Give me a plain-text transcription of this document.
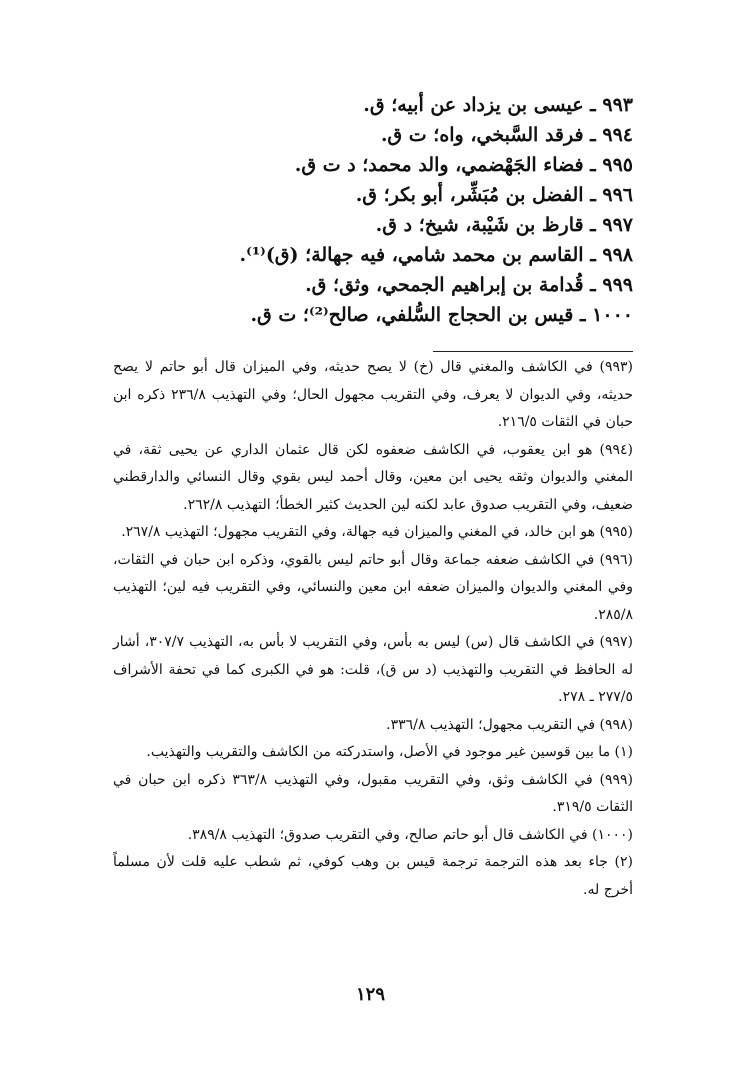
٩٩٣ ـ عيسى بن يزداد عن أبيه؛ ق.
٩٩٤ ـ فرقد السَّبخي، واه؛ ت ق.
٩٩٥ ـ فضاء الجَهْضمي، والد محمد؛ د ت ق.
٩٩٦ ـ الفضل بن مُبَشِّر، أبو بكر؛ ق.
٩٩٧ ـ قارظ بن شَيْبة، شيخ؛ د ق.
٩٩٨ ـ القاسم بن محمد شامي، فيه جهالة؛ (ق)⁽¹⁾.
٩٩٩ ـ قُدامة بن إبراهيم الجمحي، وثق؛ ق.
١٠٠٠ ـ قيس بن الحجاج السُّلفي، صالح⁽²⁾؛ ت ق.
(٩٩٣) في الكاشف والمغني قال (خ) لا يصح حديثه، وفي الميزان قال أبو حاتم لا يصح حديثه، وفي الديوان لا يعرف، وفي التقريب مجهول الحال؛ وفي التهذيب ٢٣٦/٨ ذكره ابن حبان في الثقات ٢١٦/٥.
(٩٩٤) هو ابن يعقوب، في الكاشف ضعفوه لكن قال عثمان الداري عن يحيى ثقة، في المغني والديوان وثقه يحيى ابن معين، وقال أحمد ليس بقوي وقال النسائي والدارقطني ضعيف، وفي التقريب صدوق عابد لكنه لين الحديث كثير الخطأ؛ التهذيب ٢٦٢/٨.
(٩٩٥) هو ابن خالد، في المغني والميزان فيه جهالة، وفي التقريب مجهول؛ التهذيب ٢٦٧/٨.
(٩٩٦) في الكاشف ضعفه جماعة وقال أبو حاتم ليس بالقوي، وذكره ابن حبان في الثقات، وفي المغني والديوان والميزان ضعفه ابن معين والنسائي، وفي التقريب فيه لين؛ التهذيب ٢٨٥/٨.
(٩٩٧) في الكاشف قال (س) ليس به بأس، وفي التقريب لا بأس به، التهذيب ٣٠٧/٧، أشار له الحافظ في التقريب والتهذيب (د س ق)، قلت: هو في الكبرى كما في تحفة الأشراف ٢٧٧/٥ ـ ٢٧٨.
(٩٩٨) في التقريب مجهول؛ التهذيب ٣٣٦/٨.
(١) ما بين قوسين غير موجود في الأصل، واستدركته من الكاشف والتقريب والتهذيب.
(٩٩٩) في الكاشف وثق، وفي التقريب مقبول، وفي التهذيب ٣٦٣/٨ ذكره ابن حبان في الثقات ٣١٩/٥.
(١٠٠٠) في الكاشف قال أبو حاتم صالح، وفي التقريب صدوق؛ التهذيب ٣٨٩/٨.
(٢) جاء بعد هذه الترجمة ترجمة قيس بن وهب كوفي، ثم شطب عليه قلت لأن مسلماً أخرج له.
١٢٩
